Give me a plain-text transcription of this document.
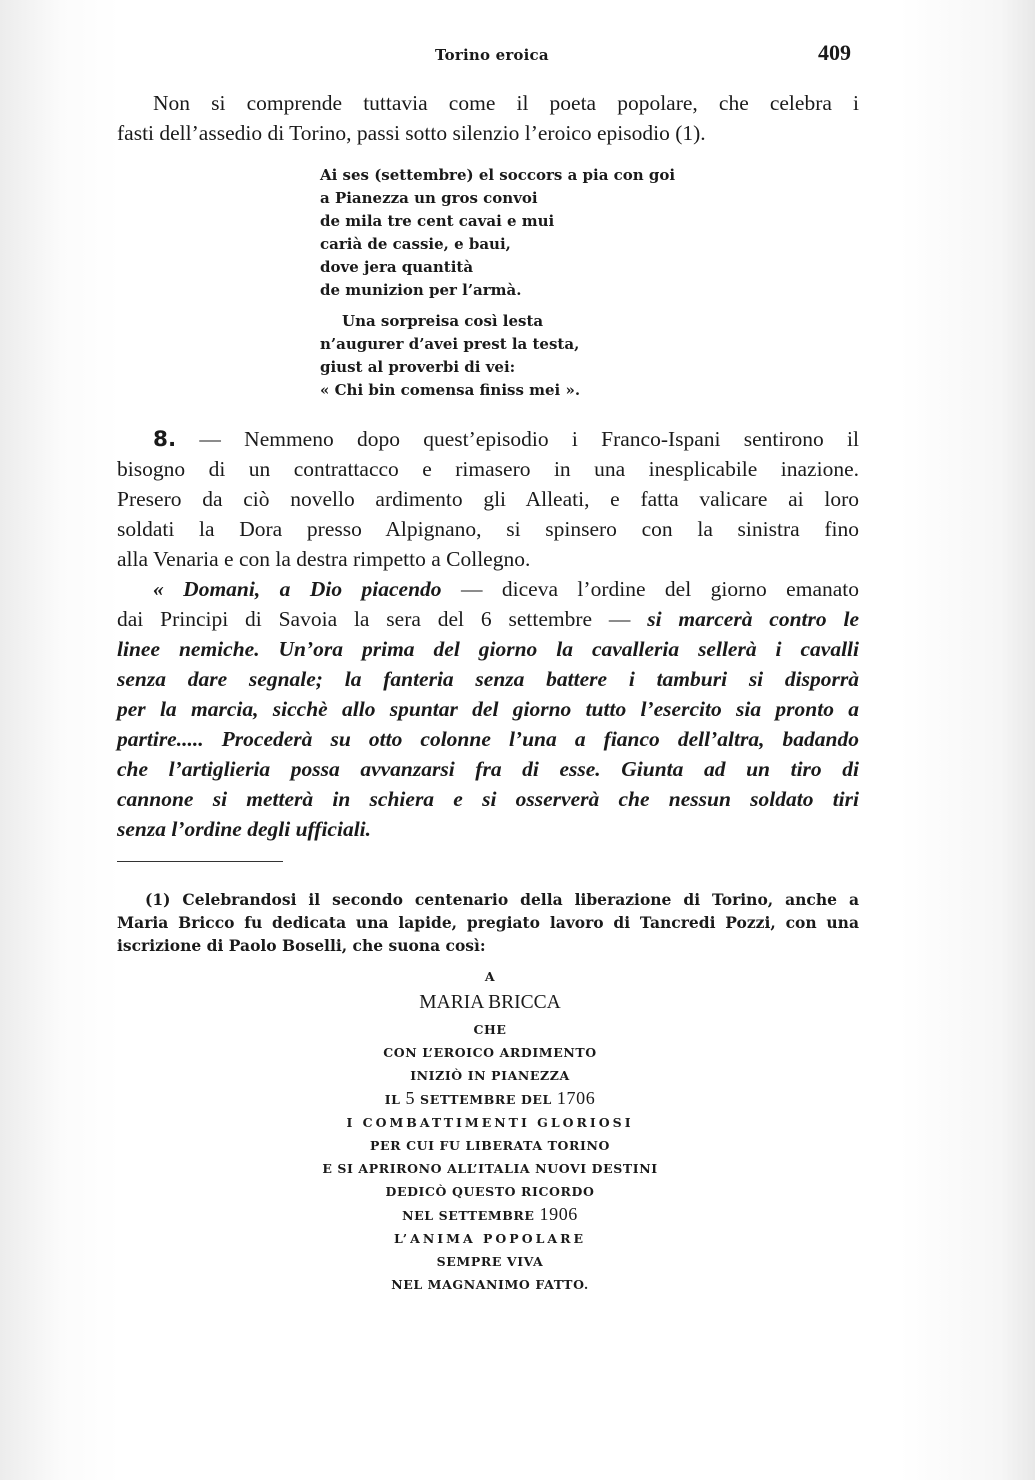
Torino eroica	409
Non si comprende tuttavia come il poeta popolare, che celebra i
fasti dell’assedio di Torino, passi sotto silenzio l’eroico episodio (1).
Ai ses (settembre) el soccors a pia con goi
a Pianezza un gros convoi
de mila tre cent cavai e mui
carià de cassie, e baui,
dove jera quantità
de munizion per l’armà.
Una sorpreisa così lesta
n’augurer d’avei prest la testa,
giust al proverbi di vei:
« Chi bin comensa finiss mei ».
8. — Nemmeno dopo quest’episodio i Franco-Ispani sentirono il
bisogno di un contrattacco e rimasero in una inesplicabile inazione.
Presero da ciò novello ardimento gli Alleati, e fatta valicare ai loro
soldati la Dora presso Alpignano, si spinsero con la sinistra fino
alla Venaria e con la destra rimpetto a Collegno.
« Domani, a Dio piacendo — diceva l’ordine del giorno emanato
dai Principi di Savoia la sera del 6 settembre — si marcerà contro le
linee nemiche. Un’ora prima del giorno la cavalleria sellerà i cavalli
senza dare segnale; la fanteria senza battere i tamburi si disporrà
per la marcia, sicchè allo spuntar del giorno tutto l’esercito sia pronto a
partire..... Procederà su otto colonne l’una a fianco dell’altra, badando
che l’artiglieria possa avvanzarsi fra di esse. Giunta ad un tiro di
cannone si metterà in schiera e si osserverà che nessun soldato tiri
senza l’ordine degli ufficiali.
(1) Celebrandosi il secondo centenario della liberazione di Torino, anche a
Maria Bricco fu dedicata una lapide, pregiato lavoro di Tancredi Pozzi, con una
iscrizione di Paolo Boselli, che suona così:
A
MARIA BRICCA
CHE
CON L’EROICO ARDIMENTO
INIZIÒ IN PIANEZZA
IL 5 SETTEMBRE DEL 1706
I COMBATTIMENTI GLORIOSI
PER CUI FU LIBERATA TORINO
E SI APRIRONO ALL’ITALIA NUOVI DESTINI
DEDICÒ QUESTO RICORDO
NEL SETTEMBRE 1906
L’ANIMA POPOLARE
SEMPRE VIVA
NEL MAGNANIMO FATTO.
